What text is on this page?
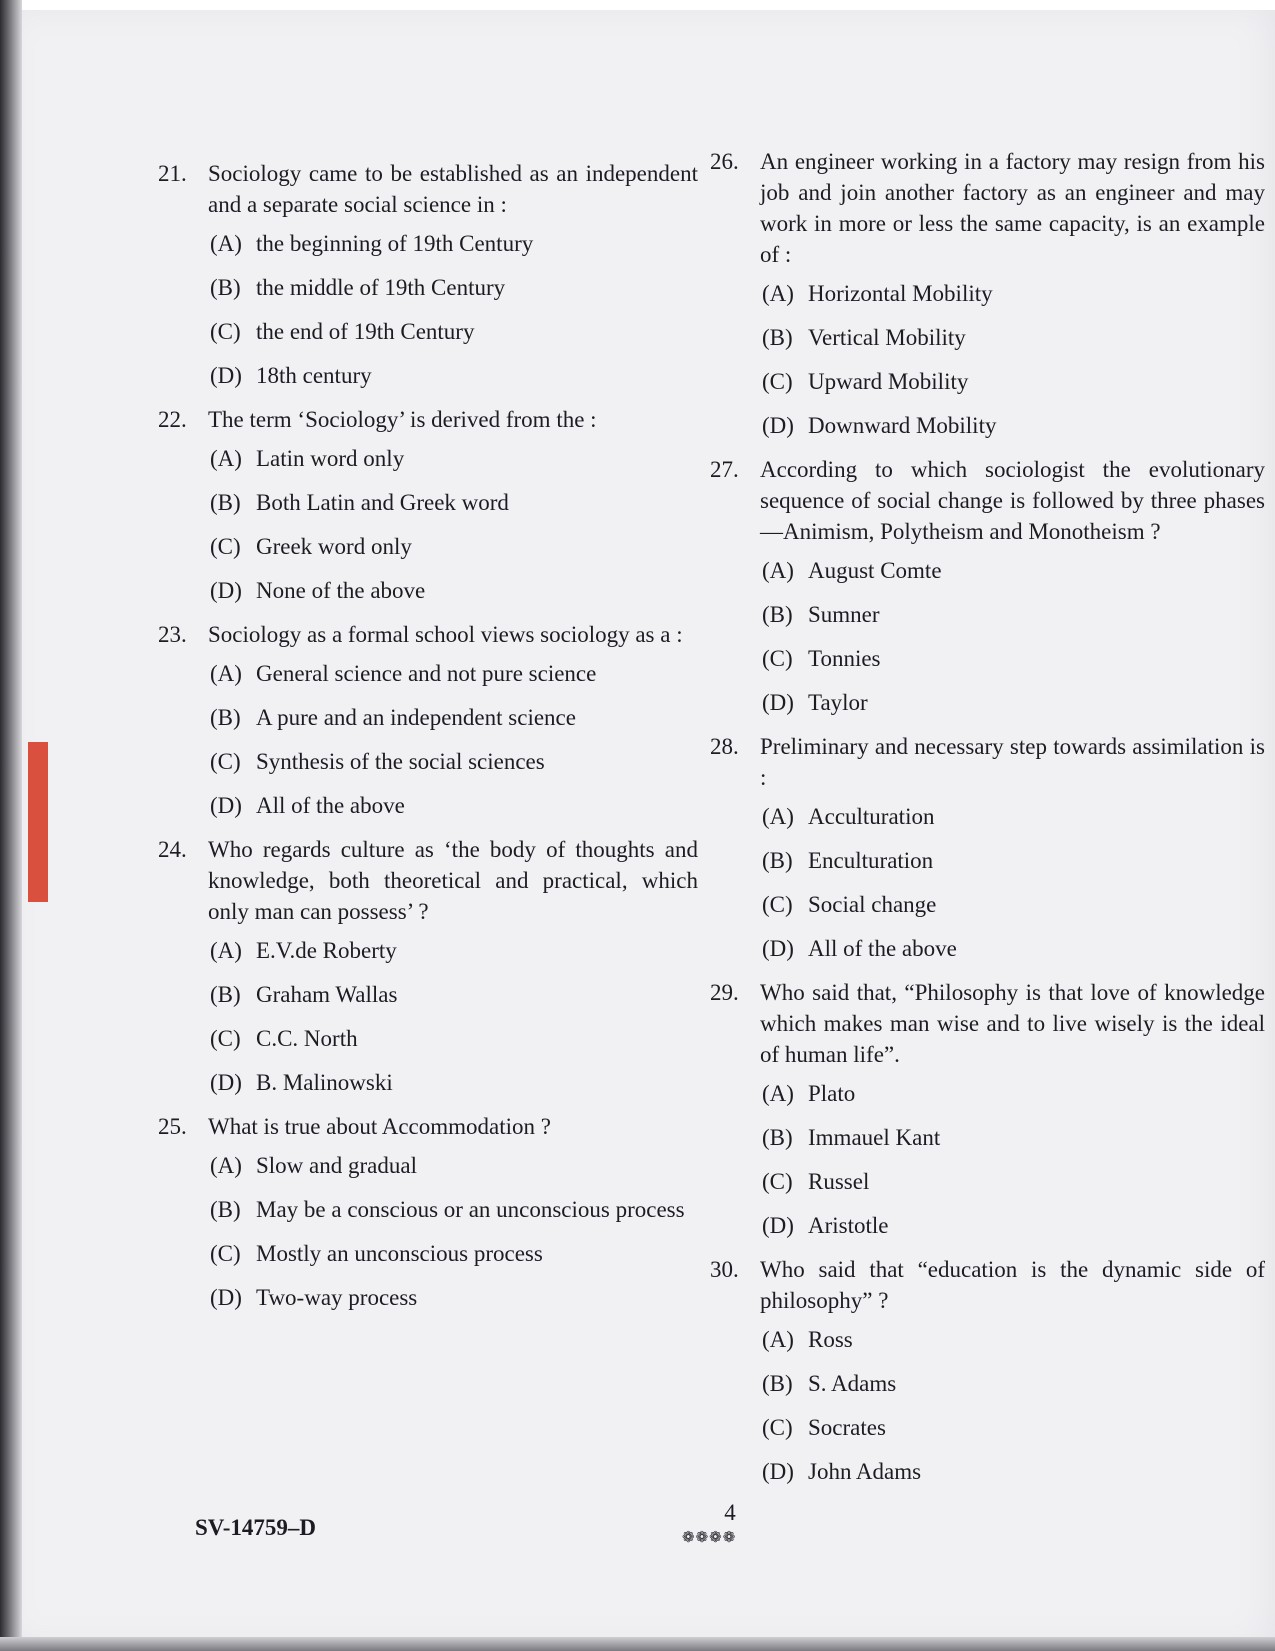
21. Sociology came to be established as an independent and a separate social science in :
(A) the beginning of 19th Century
(B) the middle of 19th Century
(C) the end of 19th Century
(D) 18th century
22. The term ‘Sociology’ is derived from the :
(A) Latin word only
(B) Both Latin and Greek word
(C) Greek word only
(D) None of the above
23. Sociology as a formal school views sociology as a :
(A) General science and not pure science
(B) A pure and an independent science
(C) Synthesis of the social sciences
(D) All of the above
24. Who regards culture as ‘the body of thoughts and knowledge, both theoretical and practical, which only man can possess’ ?
(A) E.V.de Roberty
(B) Graham Wallas
(C) C.C. North
(D) B. Malinowski
25. What is true about Accommodation ?
(A) Slow and gradual
(B) May be a conscious or an unconscious process
(C) Mostly an unconscious process
(D) Two-way process
26. An engineer working in a factory may resign from his job and join another factory as an engineer and may work in more or less the same capacity, is an example of :
(A) Horizontal Mobility
(B) Vertical Mobility
(C) Upward Mobility
(D) Downward Mobility
27. According to which sociologist the evolutionary sequence of social change is followed by three phases—Animism, Polytheism and Monotheism ?
(A) August Comte
(B) Sumner
(C) Tonnies
(D) Taylor
28. Preliminary and necessary step towards assimilation is :
(A) Acculturation
(B) Enculturation
(C) Social change
(D) All of the above
29. Who said that, “Philosophy is that love of knowledge which makes man wise and to live wisely is the ideal of human life”.
(A) Plato
(B) Immauel Kant
(C) Russel
(D) Aristotle
30. Who said that “education is the dynamic side of philosophy” ?
(A) Ross
(B) S. Adams
(C) Socrates
(D) John Adams
SV-14759–D
4
❁❁❁❁
